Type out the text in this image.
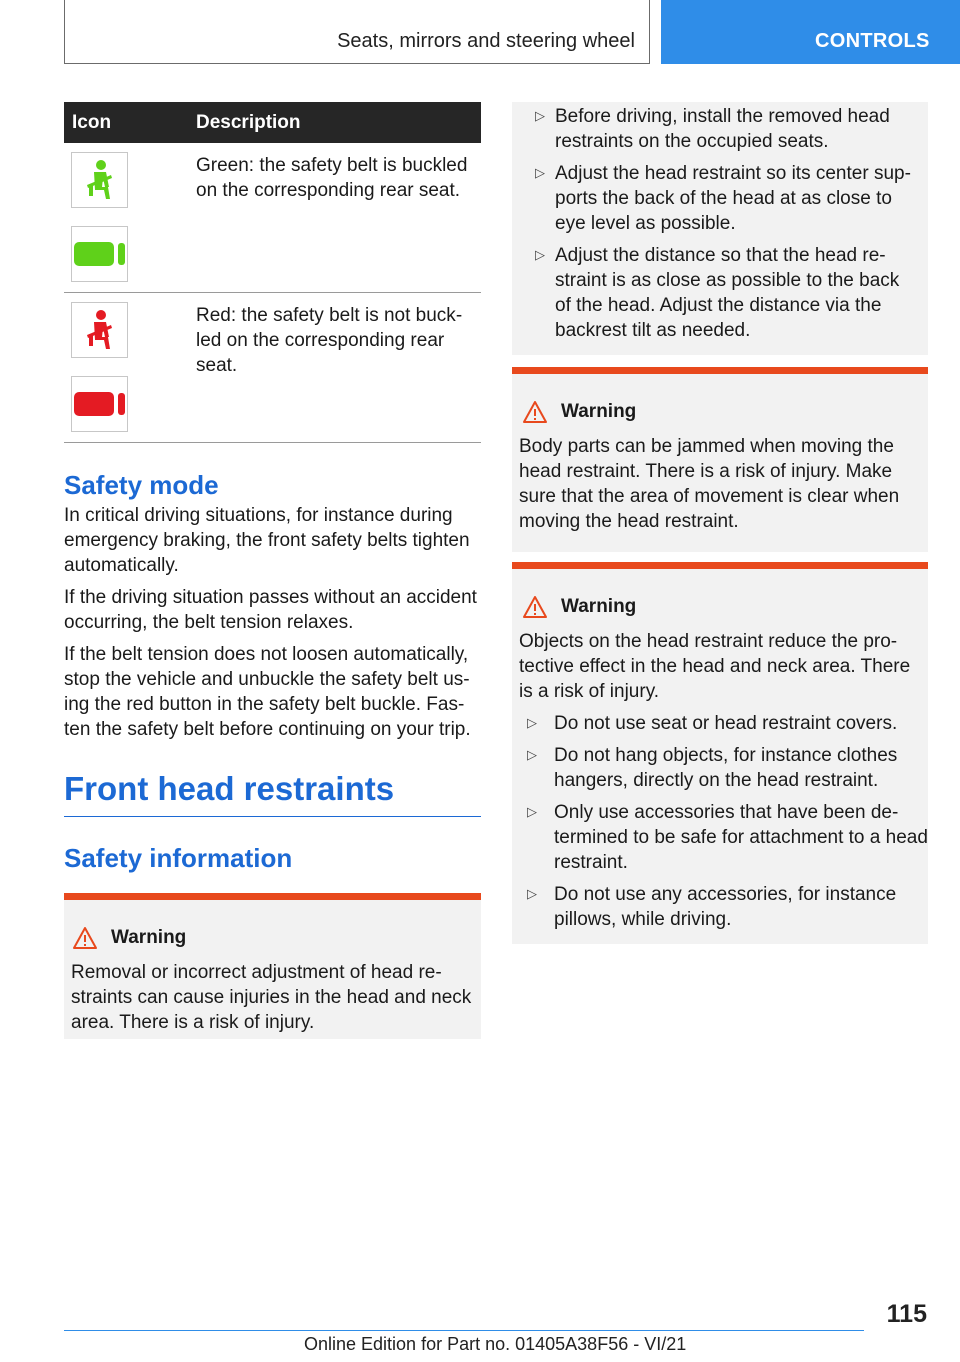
Seats, mirrors and steering wheel	CONTROLS
Icon	Description

	Green: the safety belt is buckled on the corresponding rear seat.

	Red: the safety belt is not buckled on the corresponding rear seat.
Safety mode

In critical driving situations, for instance during emergency braking, the front safety belts tighten automatically.

If the driving situation passes without an accident occurring, the belt tension relaxes.

If the belt tension does not loosen automatically, stop the vehicle and unbuckle the safety belt using the red button in the safety belt buckle. Fasten the safety belt before continuing on your trip.

Front head restraints
Safety information
Warning

Removal or incorrect adjustment of head restraints can cause injuries in the head and neck area. There is a risk of injury.

▷ Before driving, install the removed head restraints on the occupied seats.
▷ Adjust the head restraint so its center supports the back of the head at as close to eye level as possible.
▷ Adjust the distance so that the head restraint is as close as possible to the back of the head. Adjust the distance via the backrest tilt as needed.
Warning

Body parts can be jammed when moving the head restraint. There is a risk of injury. Make sure that the area of movement is clear when moving the head restraint.

Warning

Objects on the head restraint reduce the protective effect in the head and neck area. There is a risk of injury.

▷ Do not use seat or head restraint covers.
▷ Do not hang objects, for instance clothes hangers, directly on the head restraint.
▷ Only use accessories that have been determined to be safe for attachment to a head restraint.
▷ Do not use any accessories, for instance pillows, while driving.
115
Online Edition for Part no. 01405A38F56 - VI/21
